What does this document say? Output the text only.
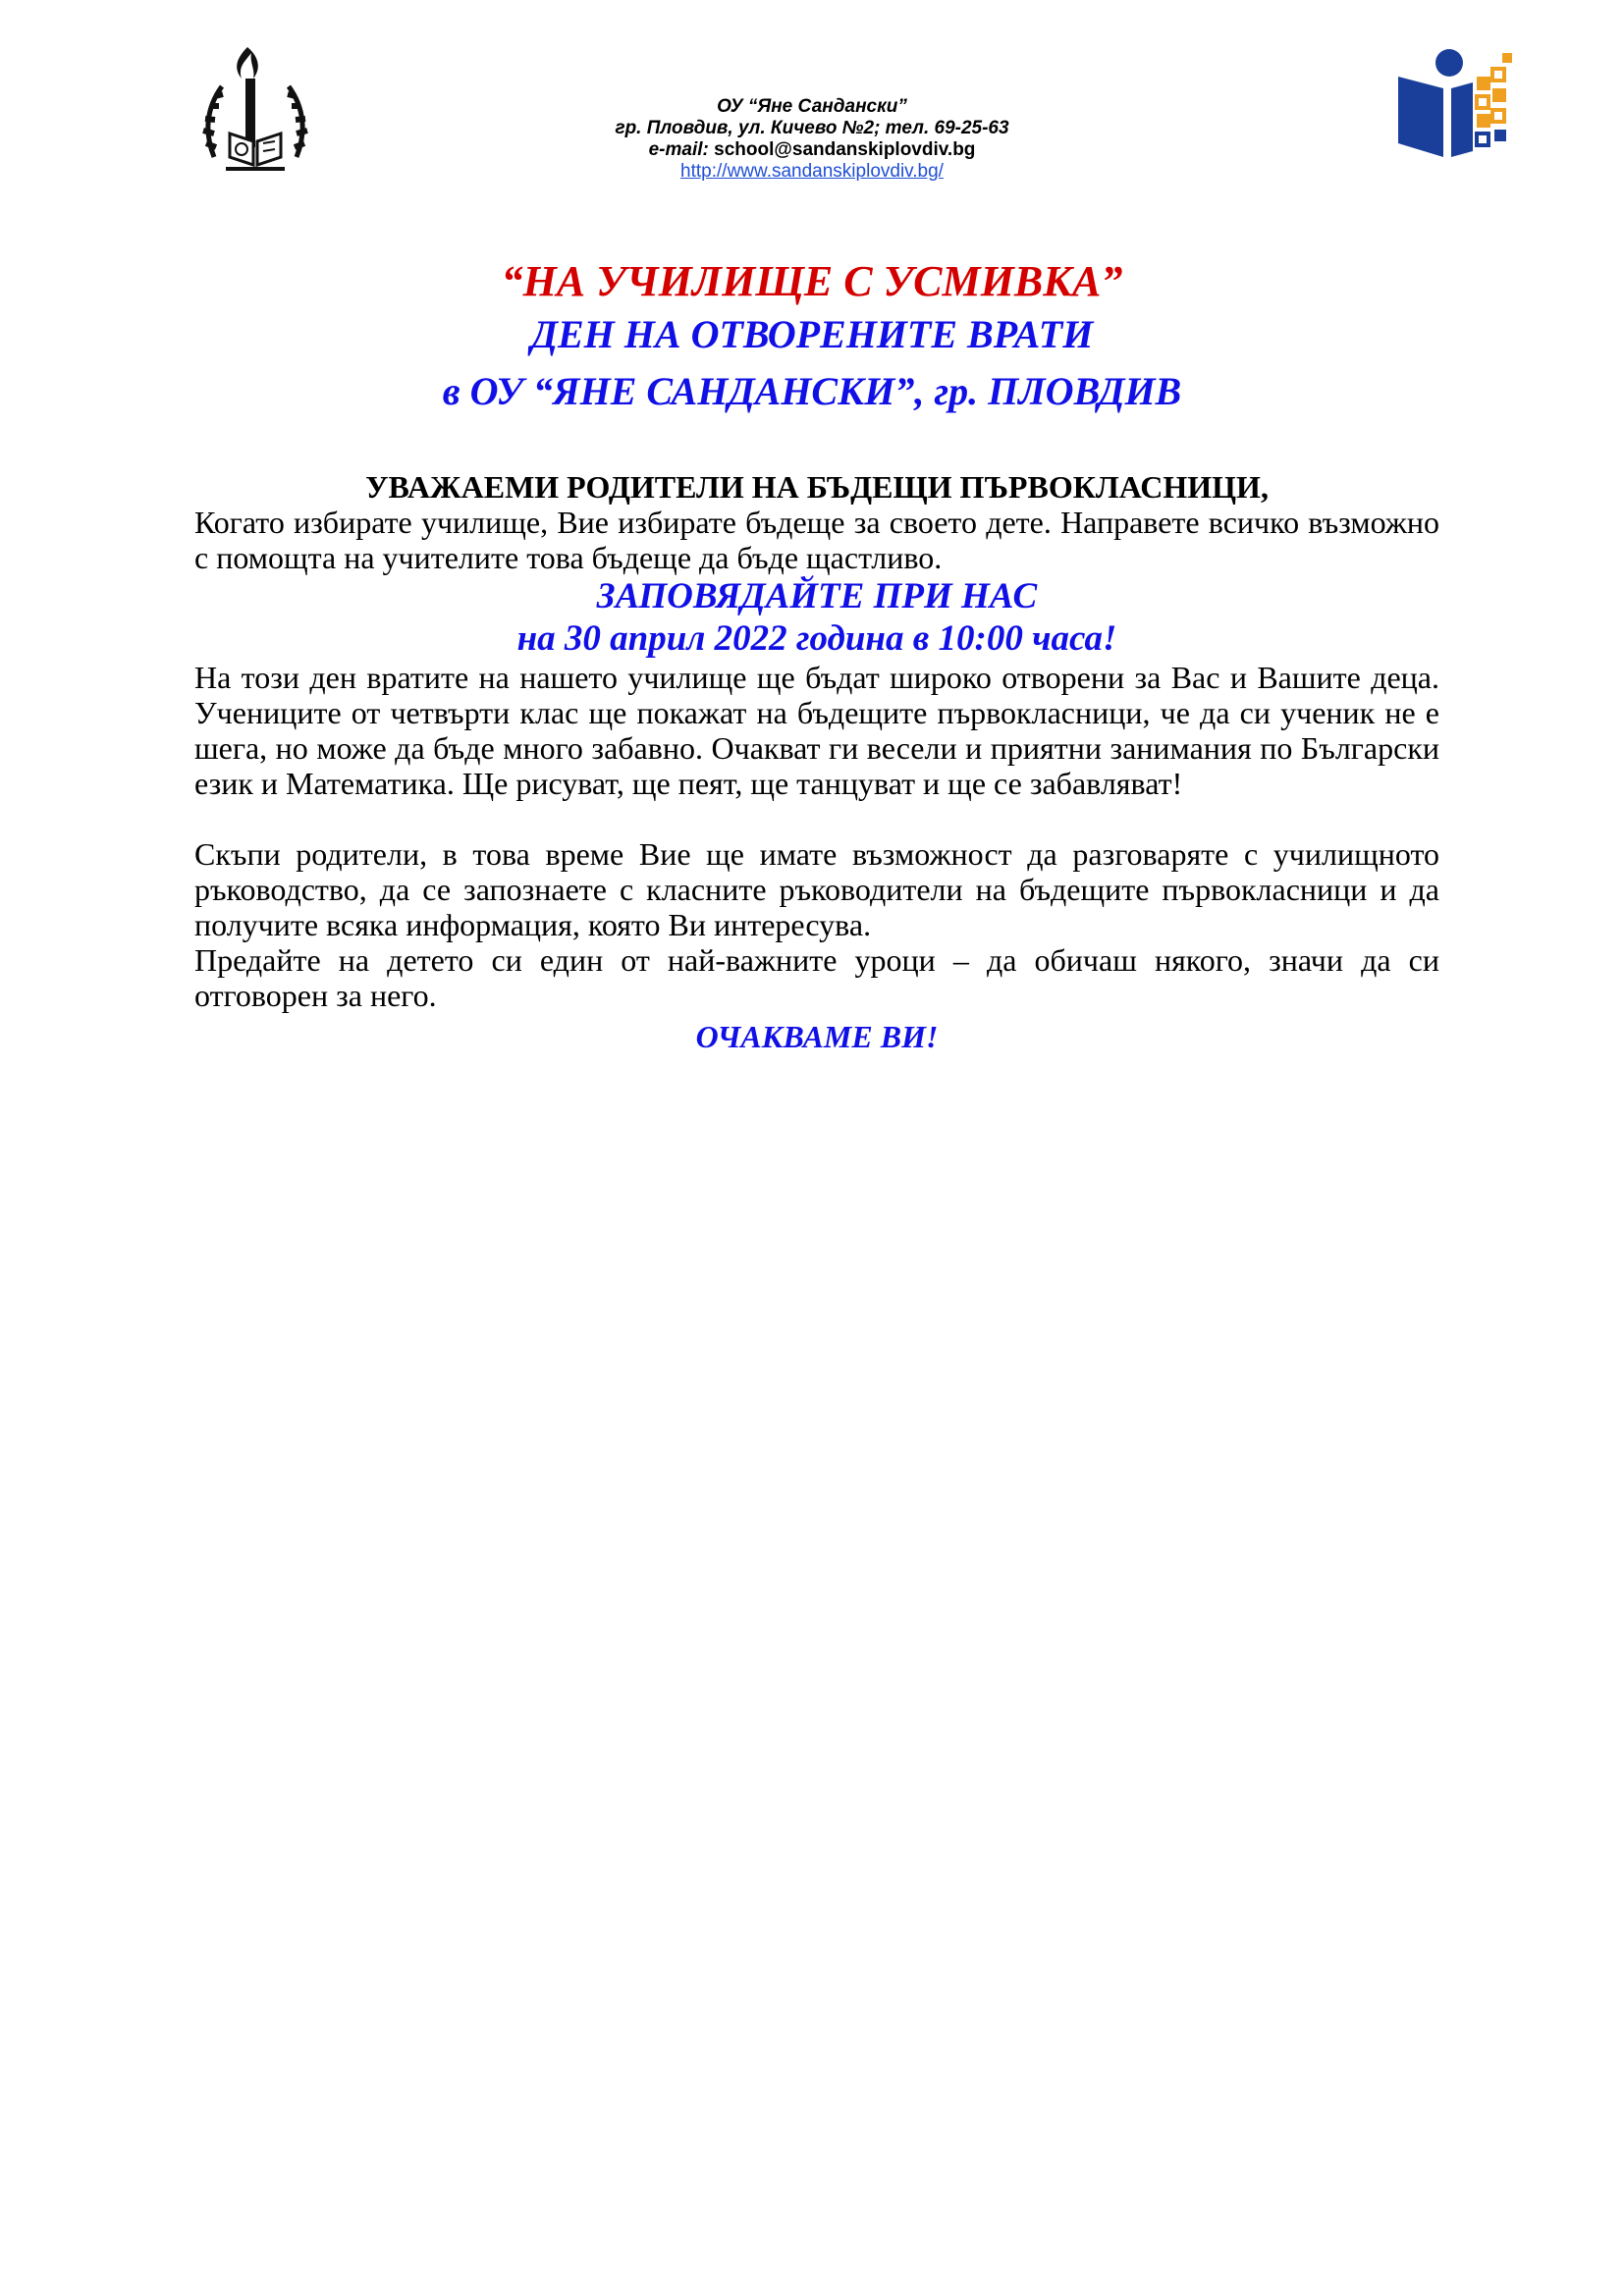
ОУ “Яне Сандански”
гр. Пловдив, ул. Кичево №2; тел. 69-25-63
e-mail: school@sandanskiplovdiv.bg
http://www.sandanskiplovdiv.bg/
“НА УЧИЛИЩЕ С УСМИВКА”
ДЕН НА ОТВОРЕНИТЕ ВРАТИ
в ОУ “ЯНЕ САНДАНСКИ”, гр. ПЛОВДИВ

УВАЖАЕМИ РОДИТЕЛИ НА БЪДЕЩИ ПЪРВОКЛАСНИЦИ,

Когато избирате училище, Вие избирате бъдеще за своето дете. Направете всичко възможно с помощта на учителите това бъдеще да бъде щастливо.

ЗАПОВЯДАЙТЕ ПРИ НАС

на 30 април 2022 година в 10:00 часа!

На този ден вратите на нашето училище ще бъдат широко отворени за Вас и Вашите деца. Учениците от четвърти клас ще покажат на бъдещите първокласници, че да си ученик не е шега, но може да бъде много забавно. Очакват ги весели и приятни занимания по Български език и Математика. Ще рисуват, ще пеят, ще танцуват и ще се забавляват!

Скъпи родители, в това време Вие ще имате възможност да разговаряте с училищното ръководство, да се запознаете с класните ръководители на бъдещите първокласници и да получите всяка информация, която Ви интересува.

Предайте на детето си един от най-важните уроци – да обичаш някого, значи да си отговорен за него.

ОЧАКВАМЕ ВИ!
